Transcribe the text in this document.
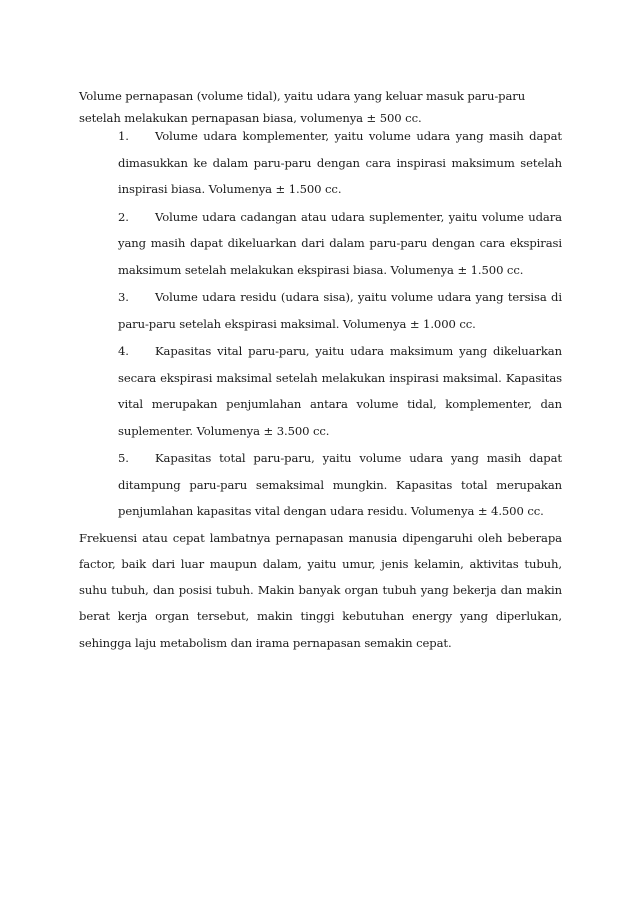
Volume pernapasan (volume tidal), yaitu udara yang keluar masuk paru-paru setelah melakukan pernapasan biasa, volumenya ± 500 cc.

1.	Volume udara komplementer, yaitu volume udara yang masih dapat dimasukkan ke dalam paru-paru dengan cara inspirasi maksimum setelah inspirasi biasa. Volumenya ± 1.500 cc.
2.	Volume udara cadangan atau udara suplementer, yaitu volume udara yang masih dapat dikeluarkan dari dalam paru-paru dengan cara ekspirasi maksimum setelah melakukan ekspirasi biasa. Volumenya ± 1.500 cc.
3.	Volume udara residu (udara sisa), yaitu volume udara yang tersisa di paru-paru setelah ekspirasi maksimal. Volumenya ± 1.000 cc.
4.	Kapasitas vital paru-paru, yaitu udara maksimum yang dikeluarkan secara ekspirasi maksimal setelah melakukan inspirasi maksimal. Kapasitas vital merupakan penjumlahan antara volume tidal, komplementer, dan suplementer. Volumenya ± 3.500 cc.
5.	Kapasitas total paru-paru, yaitu volume udara yang masih dapat ditampung paru-paru semaksimal mungkin. Kapasitas total merupakan penjumlahan kapasitas vital dengan udara residu. Volumenya ± 4.500 cc.

Frekuensi atau cepat lambatnya pernapasan manusia dipengaruhi oleh beberapa factor, baik dari luar maupun dalam, yaitu umur, jenis kelamin, aktivitas tubuh, suhu tubuh, dan posisi tubuh. Makin banyak organ tubuh yang bekerja dan makin berat kerja organ tersebut, makin tinggi kebutuhan energy yang diperlukan, sehingga laju metabolism dan irama pernapasan semakin cepat.
